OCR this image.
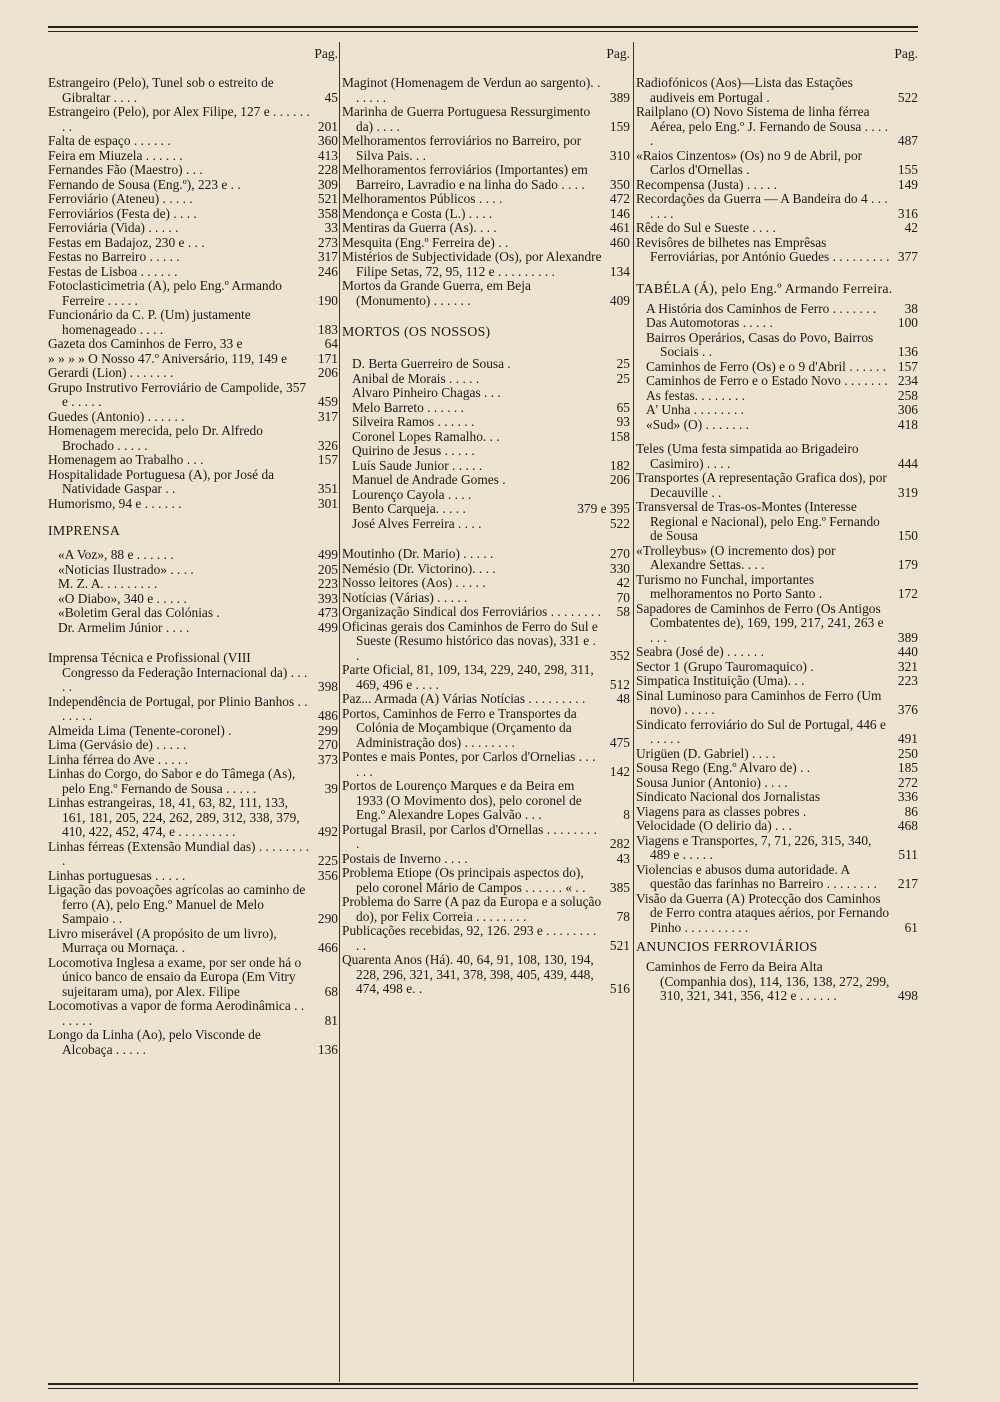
Pag.
Estrangeiro (Pelo), Tunel sob o estreito de Gibraltar . . . .	45
Estrangeiro (Pelo), por Alex Filipe, 127 e . . . . . . . .	201
Falta de espaço . . . . . .	360
Feira em Miuzela . . . . . .	413
Fernandes Fão (Maestro) . . .	228
Fernando de Sousa (Eng.º), 223 e . .	309
Ferroviário (Ateneu) . . . . .	521
Ferroviários (Festa de) . . . .	358
Ferroviária (Vida) . . . . .	33
Festas em Badajoz, 230 e . . .	273
Festas no Barreiro . . . . .	317
Festas de Lisboa . . . . . .	246
Fotoclasticimetria (A), pelo Eng.º Armando Ferreire . . . . .	190
Funcionário da C. P. (Um) justamente homenageado . . . .	183
Gazeta dos Caminhos de Ferro, 33 e	64
» » » » O Nosso 47.º Aniversário, 119, 149 e	171
Gerardi (Lion) . . . . . . .	206
Grupo Instrutivo Ferroviário de Campolide, 357 e . . . . .	459
Guedes (Antonio) . . . . . .	317
Homenagem merecida, pelo Dr. Alfredo Brochado . . . . .	326
Homenagem ao Trabalho . . .	157
Hospitalidade Portuguesa (A), por José da Natividade Gaspar . .	351
Humorismo, 94 e . . . . . .	301
IMPRENSA
«A Voz», 88 e . . . . . .	499
«Noticias Ilustrado» . . . .	205
M. Z. A. . . . . . . . .	223
«O Diabo», 340 e . . . . .	393
«Boletim Geral das Colónias .	473
Dr. Armelim Júnior . . . .	499
Imprensa Técnica e Profissional (VIII Congresso da Federação Internacional da) . . . . .	398
Independência de Portugal, por Plinio Banhos . . . . . . .	486
Almeida Lima (Tenente-coronel) .	299
Lima (Gervásio de) . . . . .	270
Linha férrea do Ave . . . . .	373
Linhas do Corgo, do Sabor e do Tâmega (As), pelo Eng.º Fernando de Sousa . . . . .	39
Linhas estrangeiras, 18, 41, 63, 82, 111, 133, 161, 181, 205, 224, 262, 289, 312, 338, 379, 410, 422, 452, 474, e . . . . . . . . .	492
Linhas férreas (Extensão Mundial das) . . . . . . . . .	225
Linhas portuguesas . . . . .	356
Ligação das povoações agrícolas ao caminho de ferro (A), pelo Eng.º Manuel de Melo Sampaio . .	290
Livro miserável (A propósito de um livro), Murraça ou Mornaça. .	466
Locomotiva Inglesa a exame, por ser onde há o único banco de ensaio da Europa (Em Vitry sujeitaram uma), por Alex. Filipe	68
Locomotivas a vapor de forma Aerodinâmica . . . . . . .	81
Longo da Linha (Ao), pelo Visconde de Alcobaça . . . . .	136
Pag.
Maginot (Homenagem de Verdun ao sargento). . . . . . .	389
Marinha de Guerra Portuguesa Ressurgimento da) . . . .	159
Melhoramentos ferroviários no Barreiro, por Silva Pais. . .	310
Melhoramentos ferroviários (Importantes) em Barreiro, Lavradio e na linha do Sado . . . .	350
Melhoramentos Públicos . . . .	472
Mendonça e Costa (L.) . . . .	146
Mentiras da Guerra (As). . . .	461
Mesquita (Eng.º Ferreira de) . .	460
Mistérios de Subjectividade (Os), por Alexandre Filipe Setas, 72, 95, 112 e . . . . . . . . .	134
Mortos da Grande Guerra, em Beja (Monumento) . . . . . .	409
MORTOS (OS NOSSOS)
D. Berta Guerreiro de Sousa .	25
Anibal de Morais . . . . .	25
Alvaro Pinheiro Chagas . . .
Melo Barreto . . . . . .	65
Silveira Ramos . . . . . .	93
Coronel Lopes Ramalho. . .	158
Quirino de Jesus . . . . .
Luís Saude Junior . . . . .	182
Manuel de Andrade Gomes .	206
Lourenço Cayola . . . .
Bento Carqueja. . . . .	379 e 395
José Alves Ferreira . . . .	522
Moutinho (Dr. Mario) . . . . .	270
Nemésio (Dr. Victorino). . . .	330
Nosso leitores (Aos) . . . . .	42
Notícias (Várias) . . . . .	70
Organização Sindical dos Ferroviários . . . . . . . .	58
Oficinas gerais dos Caminhos de Ferro do Sul e Sueste (Resumo histórico das novas), 331 e . .	352
Parte Oficial, 81, 109, 134, 229, 240, 298, 311, 469, 496 e . . . .	512
Paz... Armada (A) Várias Notícias . . . . . . . . .	48
Portos, Caminhos de Ferro e Transportes da Colónia de Moçambique (Orçamento da Administração dos) . . . . . . . .	475
Pontes e mais Pontes, por Carlos d'Ornelias . . . . . .	142
Portos de Lourenço Marques e da Beira em 1933 (O Movimento dos), pelo coronel de Eng.º Alexandre Lopes Galvão . . .	8
Portugal Brasil, por Carlos d'Ornellas . . . . . . . . .	282
Postais de Inverno . . . .	43
Problema Etiope (Os principais aspectos do), pelo coronel Mário de Campos . . . . . . « . .	385
Problema do Sarre (A paz da Europa e a solução do), por Felix Correia . . . . . . . .	78
Publicações recebidas, 92, 126. 293 e . . . . . . . . . .	521
Quarenta Anos (Há). 40, 64, 91, 108, 130, 194, 228, 296, 321, 341, 378, 398, 405, 439, 448, 474, 498 e. .	516
Pag.
Radiofónicos (Aos)—Lista das Estações audiveis em Portugal .	522
Railplano (O) Novo Sistema de linha férrea Aérea, pelo Eng.º J. Fernando de Sousa . . . . .	487
«Raios Cinzentos» (Os) no 9 de Abril, por Carlos d'Ornellas .	155
Recompensa (Justa) . . . . .	149
Recordações da Guerra — A Bandeira do 4 . . . . . . .	316
Rêde do Sul e Sueste . . . .	42
Revisôres de bilhetes nas Emprêsas Ferroviárias, por António Guedes . . . . . . . . . 377
TABÉLA (Á), pelo Eng.º Armando Ferreira.
A História dos Caminhos de Ferro . . . . . . .	38
Das Automotoras . . . . .	100
Bairros Operários, Casas do Povo, Bairros Sociais . .	136
Caminhos de Ferro (Os) e o 9 d'Abril . . . . . . 157
Caminhos de Ferro e o Estado Novo . . . . . . . 234
As festas. . . . . . . .	258
A' Unha . . . . . . . .	306
«Sud» (O) . . . . . . .	418
Teles (Uma festa simpatida ao Brigadeiro Casimiro) . . . .	444
Transportes (A representação Grafica dos), por Decauville . .	319
Transversal de Tras-os-Montes (Interesse Regional e Nacional), pelo Eng.º Fernando de Sousa	150
«Trolleybus» (O incremento dos) por Alexandre Settas. . . .	179
Turismo no Funchal, importantes melhoramentos no Porto Santo .	172
Sapadores de Caminhos de Ferro (Os Antigos Combatentes de), 169, 199, 217, 241, 263 e . . .	389
Seabra (José de) . . . . . .	440
Sector 1 (Grupo Tauromaquico) .	321
Simpatica Instituição (Uma). . .	223
Sinal Luminoso para Caminhos de Ferro (Um novo) . . . . .	376
Sindicato ferroviário do Sul de Portugal, 446 e . . . . .	491
Urigüen (D. Gabriel) . . . .	250
Sousa Rego (Eng.º Alvaro de) . .	185
Sousa Junior (Antonio) . . . .	272
Sindicato Nacional dos Jornalistas	336
Viagens para as classes pobres .	86
Velocidade (O delirio da) . . .	468
Viagens e Transportes, 7, 71, 226, 315, 340, 489 e . . . . .	511
Violencias e abusos duma autoridade. A questão das farinhas no Barreiro . . . . . . . .	217
Visão da Guerra (A) Protecção dos Caminhos de Ferro contra ataques aérios, por Fernando Pinho . . . . . . . . . .	61
ANUNCIOS FERROVIÁRIOS
Caminhos de Ferro da Beira Alta (Companhia dos), 114, 136, 138, 272, 299, 310, 321, 341, 356, 412 e . . . . . .	498
